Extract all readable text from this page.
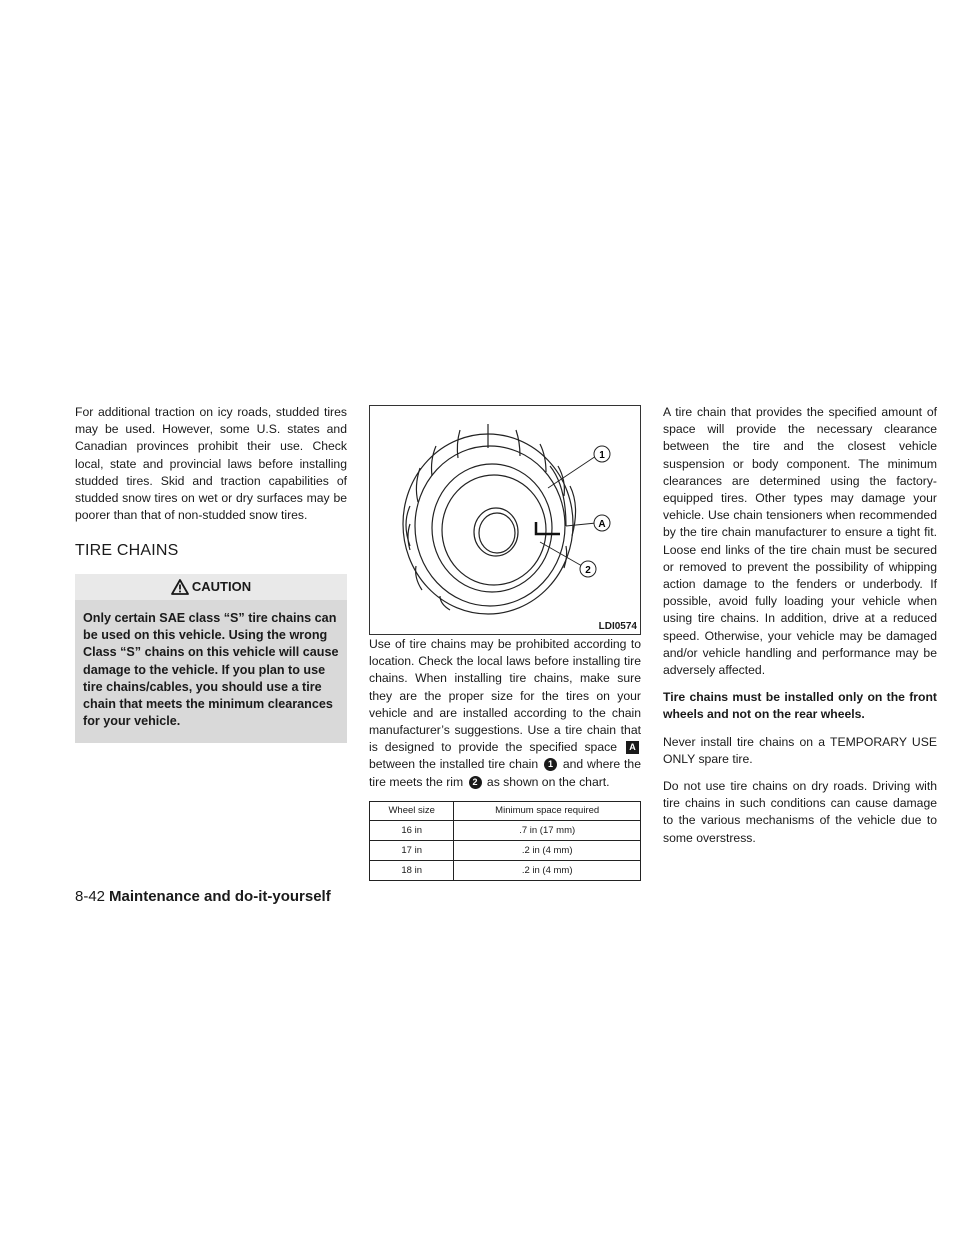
For additional traction on icy roads, studded tires may be used. However, some U.S. states and Canadian provinces prohibit their use. Check local, state and provincial laws before installing studded tires. Skid and traction capabilities of studded snow tires on wet or dry surfaces may be poorer than that of non-studded snow tires.

TIRE CHAINS
CAUTION
Only certain SAE class “S” tire chains can be used on this vehicle. Using the wrong Class “S” chains on this vehicle will cause damage to the vehicle. If you plan to use tire chains/cables, you should use a tire chain that meets the minimum clearances for your vehicle.
1
A
2
LDI0574

Use of tire chains may be prohibited according to location. Check the local laws before installing tire chains. When installing tire chains, make sure they are the proper size for the tires on your vehicle and are installed according to the chain manufacturer’s suggestions. Use a tire chain that is designed to provide the specified space A between the installed tire chain 1 and where the tire meets the rim 2 as shown on the chart.

Wheel size	Minimum space required
16 in	.7 in (17 mm)
17 in	.2 in (4 mm)
18 in	.2 in (4 mm)

A tire chain that provides the specified amount of space will provide the necessary clearance between the tire and the closest vehicle suspension or body component. The minimum clearances are determined using the factory-equipped tires. Other types may damage your vehicle. Use chain tensioners when recommended by the tire chain manufacturer to ensure a tight fit. Loose end links of the tire chain must be secured or removed to prevent the possibility of whipping action damage to the fenders or underbody. If possible, avoid fully loading your vehicle when using tire chains. In addition, drive at a reduced speed. Otherwise, your vehicle may be damaged and/or vehicle handling and performance may be adversely affected.

Tire chains must be installed only on the front wheels and not on the rear wheels.

Never install tire chains on a TEMPORARY USE ONLY spare tire.

Do not use tire chains on dry roads. Driving with tire chains in such conditions can cause damage to the various mechanisms of the vehicle due to some overstress.

8-42 Maintenance and do-it-yourself
